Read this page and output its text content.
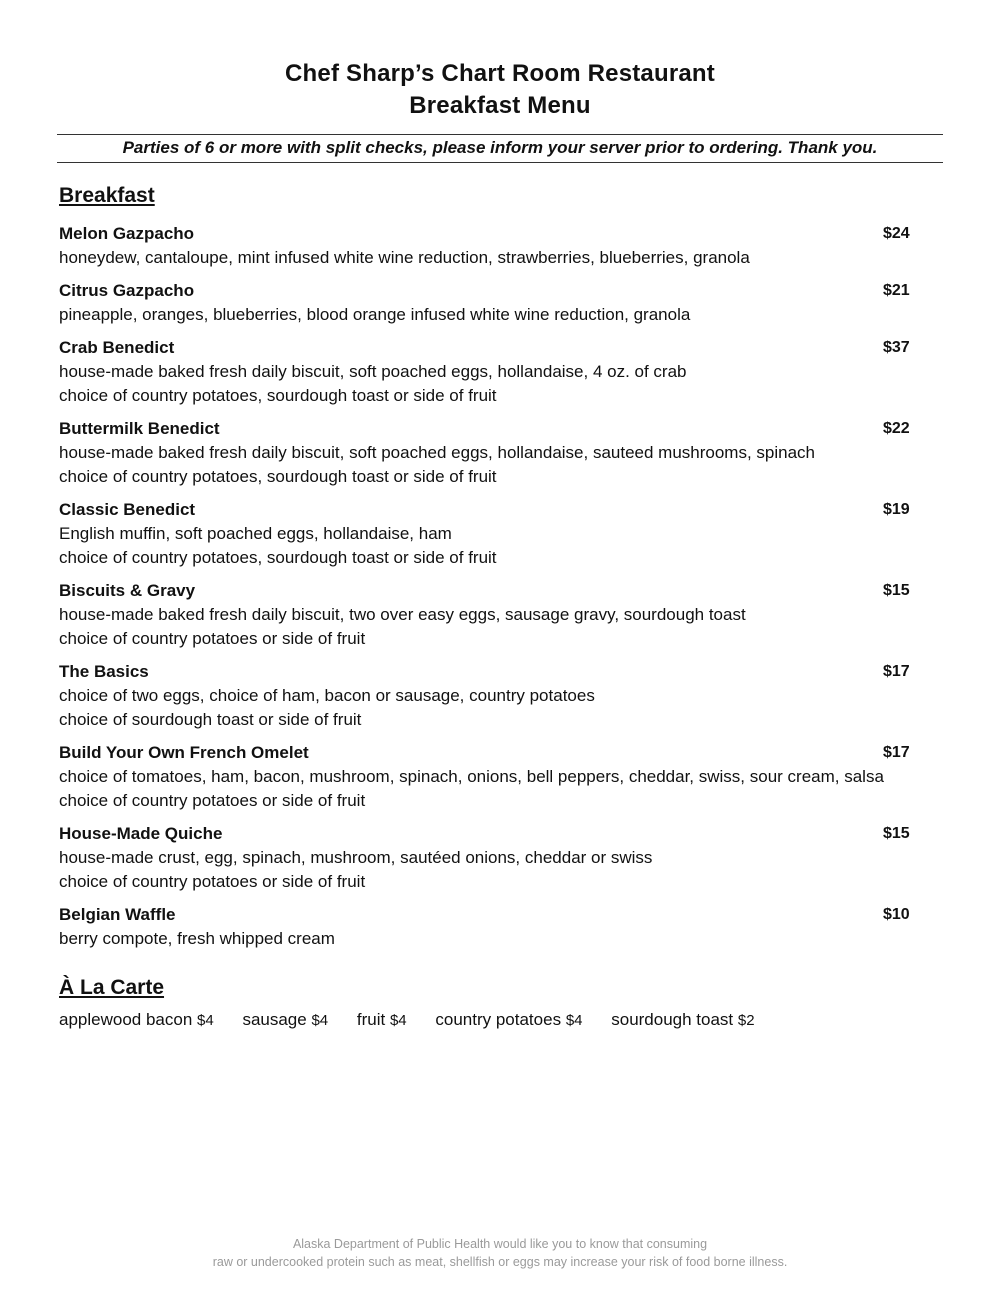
Chef Sharp’s Chart Room Restaurant
Breakfast Menu
Parties of 6 or more with split checks, please inform your server prior to ordering. Thank you.
Breakfast
Melon Gazpacho	$24
honeydew, cantaloupe, mint infused white wine reduction, strawberries, blueberries, granola
Citrus Gazpacho	$21
pineapple, oranges, blueberries, blood orange infused white wine reduction, granola
Crab Benedict	$37
house-made baked fresh daily biscuit, soft poached eggs, hollandaise, 4 oz. of crab
choice of country potatoes, sourdough toast or side of fruit
Buttermilk Benedict	$22
house-made baked fresh daily biscuit, soft poached eggs, hollandaise, sauteed mushrooms, spinach
choice of country potatoes, sourdough toast or side of fruit
Classic Benedict	$19
English muffin, soft poached eggs, hollandaise, ham
choice of country potatoes, sourdough toast or side of fruit
Biscuits & Gravy	$15
house-made baked fresh daily biscuit, two over easy eggs, sausage gravy, sourdough toast
choice of country potatoes or side of fruit
The Basics	$17
choice of two eggs, choice of ham, bacon or sausage, country potatoes
choice of sourdough toast or side of fruit
Build Your Own French Omelet	$17
choice of tomatoes, ham, bacon, mushroom, spinach, onions, bell peppers, cheddar, swiss, sour cream, salsa
choice of country potatoes or side of fruit
House-Made Quiche	$15
house-made crust, egg, spinach, mushroom, sautéed onions, cheddar or swiss
choice of country potatoes or side of fruit
Belgian Waffle	$10
berry compote, fresh whipped cream
À La Carte
applewood bacon $4 sausage $4 fruit $4 country potatoes $4 sourdough toast $2
Alaska Department of Public Health would like you to know that consuming
raw or undercooked protein such as meat, shellfish or eggs may increase your risk of food borne illness.
